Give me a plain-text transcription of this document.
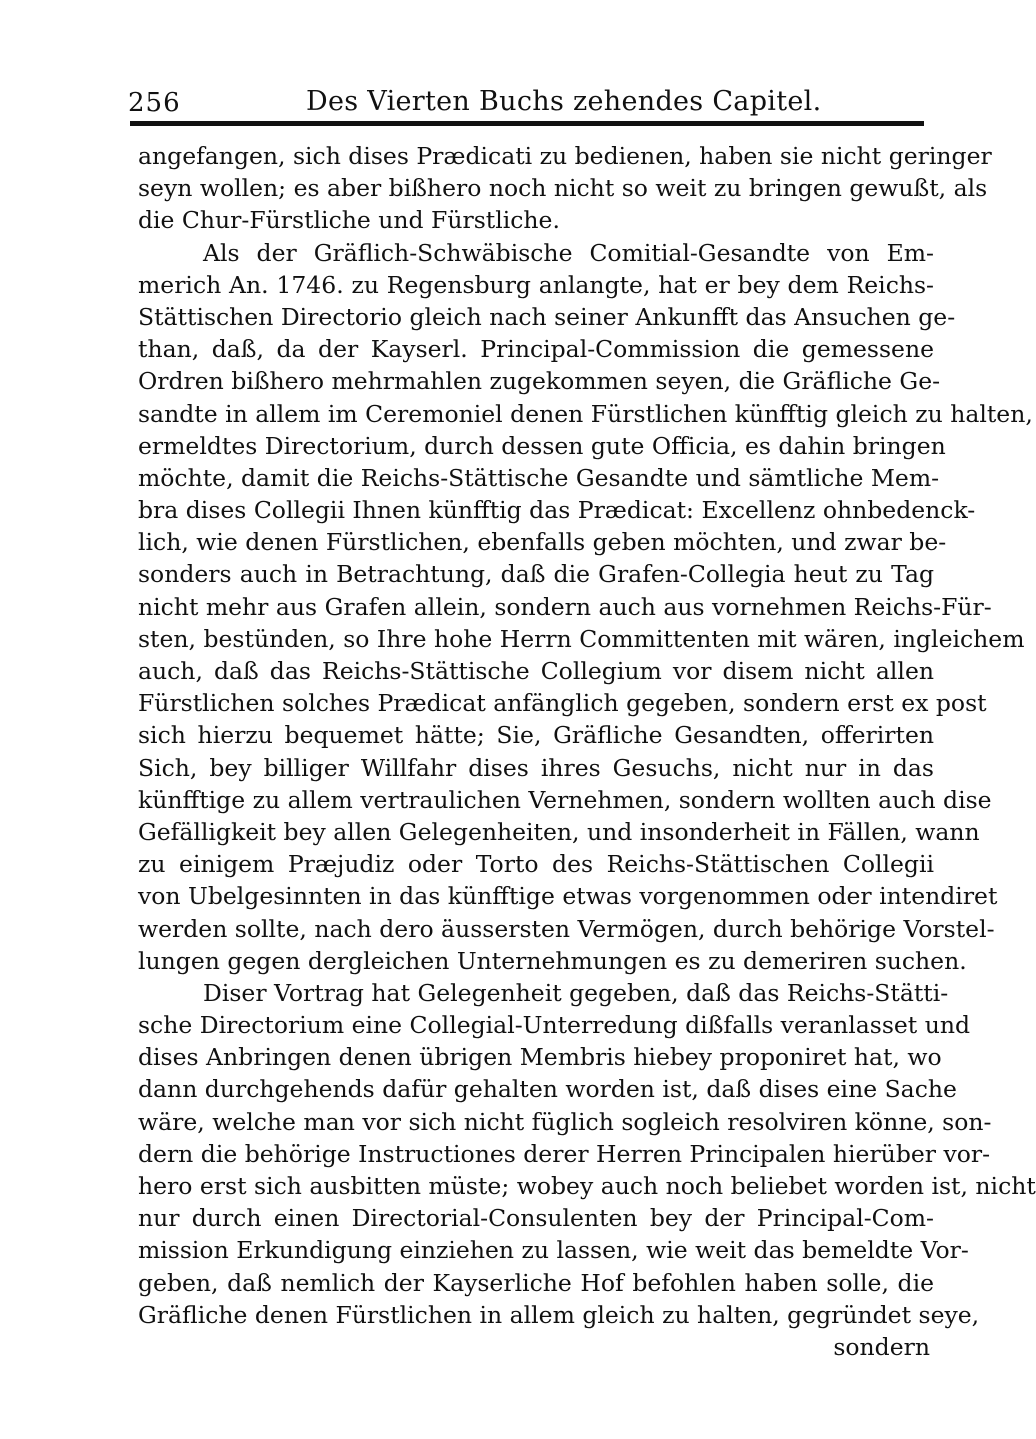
256	Des Vierten Buchs zehendes Capitel.
angefangen, sich dises Prædicati zu bedienen, haben sie nicht geringer
seyn wollen; es aber bißhero noch nicht so weit zu bringen gewußt, als
die Chur-Fürstliche und Fürstliche.
Als der Gräflich-Schwäbische Comitial-Gesandte von Em-
merich An. 1746. zu Regensburg anlangte, hat er bey dem Reichs-
Stättischen Directorio gleich nach seiner Ankunfft das Ansuchen ge-
than, daß, da der Kayserl. Principal-Commission die gemessene
Ordren bißhero mehrmahlen zugekommen seyen, die Gräfliche Ge-
sandte in allem im Ceremoniel denen Fürstlichen künfftig gleich zu halten,
ermeldtes Directorium, durch dessen gute Officia, es dahin bringen
möchte, damit die Reichs-Stättische Gesandte und sämtliche Mem-
bra dises Collegii Ihnen künfftig das Prædicat: Excellenz ohnbedenck-
lich, wie denen Fürstlichen, ebenfalls geben möchten, und zwar be-
sonders auch in Betrachtung, daß die Grafen-Collegia heut zu Tag
nicht mehr aus Grafen allein, sondern auch aus vornehmen Reichs-Für-
sten, bestünden, so Ihre hohe Herrn Committenten mit wären, ingleichem
auch, daß das Reichs-Stättische Collegium vor disem nicht allen
Fürstlichen solches Prædicat anfänglich gegeben, sondern erst ex post
sich hierzu bequemet hätte; Sie, Gräfliche Gesandten, offerirten
Sich, bey billiger Willfahr dises ihres Gesuchs, nicht nur in das
künfftige zu allem vertraulichen Vernehmen, sondern wollten auch dise
Gefälligkeit bey allen Gelegenheiten, und insonderheit in Fällen, wann
zu einigem Præjudiz oder Torto des Reichs-Stättischen Collegii
von Ubelgesinnten in das künfftige etwas vorgenommen oder intendiret
werden sollte, nach dero äussersten Vermögen, durch behörige Vorstel-
lungen gegen dergleichen Unternehmungen es zu demeriren suchen.
Diser Vortrag hat Gelegenheit gegeben, daß das Reichs-Stätti-
sche Directorium eine Collegial-Unterredung dißfalls veranlasset und
dises Anbringen denen übrigen Membris hiebey proponiret hat, wo
dann durchgehends dafür gehalten worden ist, daß dises eine Sache
wäre, welche man vor sich nicht füglich sogleich resolviren könne, son-
dern die behörige Instructiones derer Herren Principalen hierüber vor-
hero erst sich ausbitten müste; wobey auch noch beliebet worden ist, nicht
nur durch einen Directorial-Consulenten bey der Principal-Com-
mission Erkundigung einziehen zu lassen, wie weit das bemeldte Vor-
geben, daß nemlich der Kayserliche Hof befohlen haben solle, die
Gräfliche denen Fürstlichen in allem gleich zu halten, gegründet seye,
sondern
